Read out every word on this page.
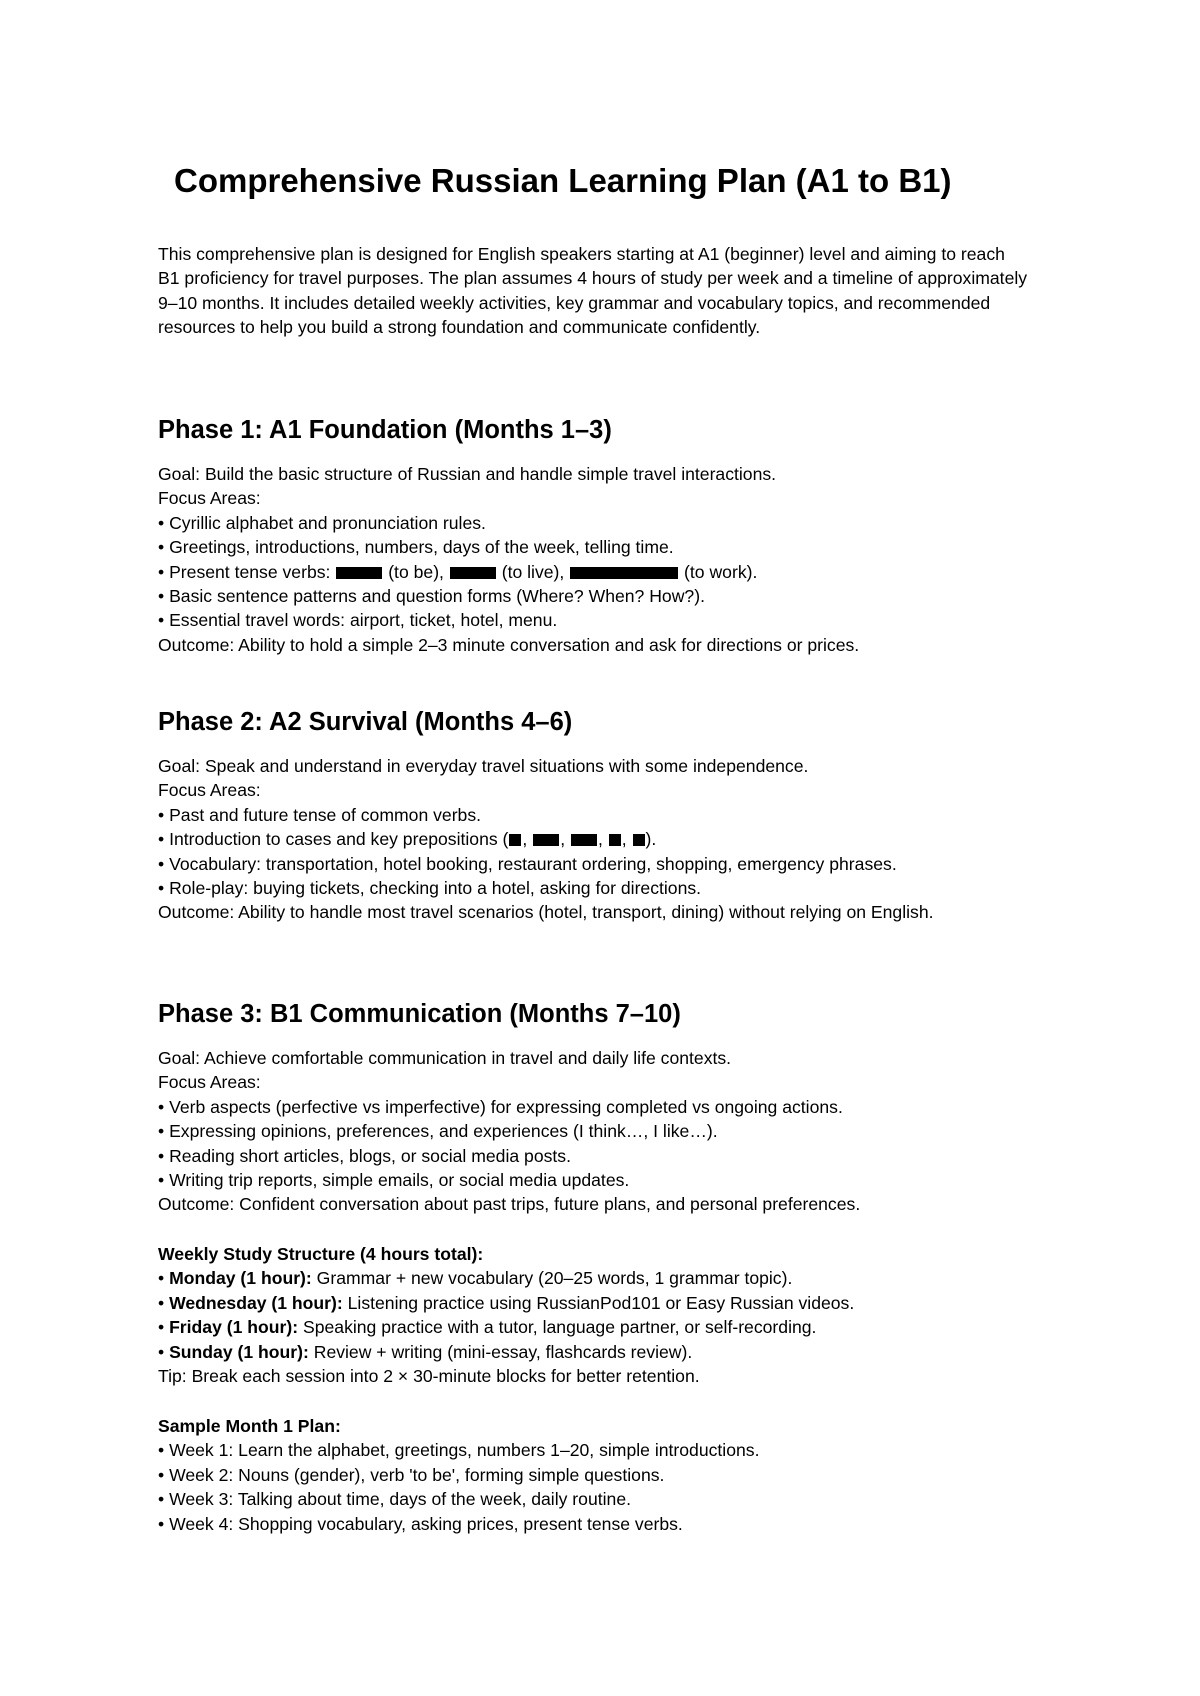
Comprehensive Russian Learning Plan (A1 to B1)

This comprehensive plan is designed for English speakers starting at A1 (beginner) level and aiming to reach B1 proficiency for travel purposes. The plan assumes 4 hours of study per week and a timeline of approximately 9–10 months. It includes detailed weekly activities, key grammar and vocabulary topics, and recommended resources to help you build a strong foundation and communicate confidently.

Phase 1: A1 Foundation (Months 1–3)
Goal: Build the basic structure of Russian and handle simple travel interactions.
Focus Areas:
• Cyrillic alphabet and pronunciation rules.
• Greetings, introductions, numbers, days of the week, telling time.
• Present tense verbs:	(to be),	(to live),	(to work).
• Basic sentence patterns and question forms (Where? When? How?).
• Essential travel words: airport, ticket, hotel, menu.
Outcome: Ability to hold a simple 2–3 minute conversation and ask for directions or prices.
Phase 2: A2 Survival (Months 4–6)
Goal: Speak and understand in everyday travel situations with some independence.
Focus Areas:
• Past and future tense of common verbs.
• Introduction to cases and key prepositions ( , , , , ).
• Vocabulary: transportation, hotel booking, restaurant ordering, shopping, emergency phrases.
• Role-play: buying tickets, checking into a hotel, asking for directions.
Outcome: Ability to handle most travel scenarios (hotel, transport, dining) without relying on English.
Phase 3: B1 Communication (Months 7–10)
Goal: Achieve comfortable communication in travel and daily life contexts.
Focus Areas:
• Verb aspects (perfective vs imperfective) for expressing completed vs ongoing actions.
• Expressing opinions, preferences, and experiences (I think…, I like…).
• Reading short articles, blogs, or social media posts.
• Writing trip reports, simple emails, or social media updates.
Outcome: Confident conversation about past trips, future plans, and personal preferences.
Weekly Study Structure (4 hours total):
• Monday (1 hour): Grammar + new vocabulary (20–25 words, 1 grammar topic).
• Wednesday (1 hour): Listening practice using RussianPod101 or Easy Russian videos.
• Friday (1 hour): Speaking practice with a tutor, language partner, or self-recording.
• Sunday (1 hour): Review + writing (mini-essay, flashcards review).
Tip: Break each session into 2 × 30-minute blocks for better retention.
Sample Month 1 Plan:
• Week 1: Learn the alphabet, greetings, numbers 1–20, simple introductions.
• Week 2: Nouns (gender), verb 'to be', forming simple questions.
• Week 3: Talking about time, days of the week, daily routine.
• Week 4: Shopping vocabulary, asking prices, present tense verbs.
